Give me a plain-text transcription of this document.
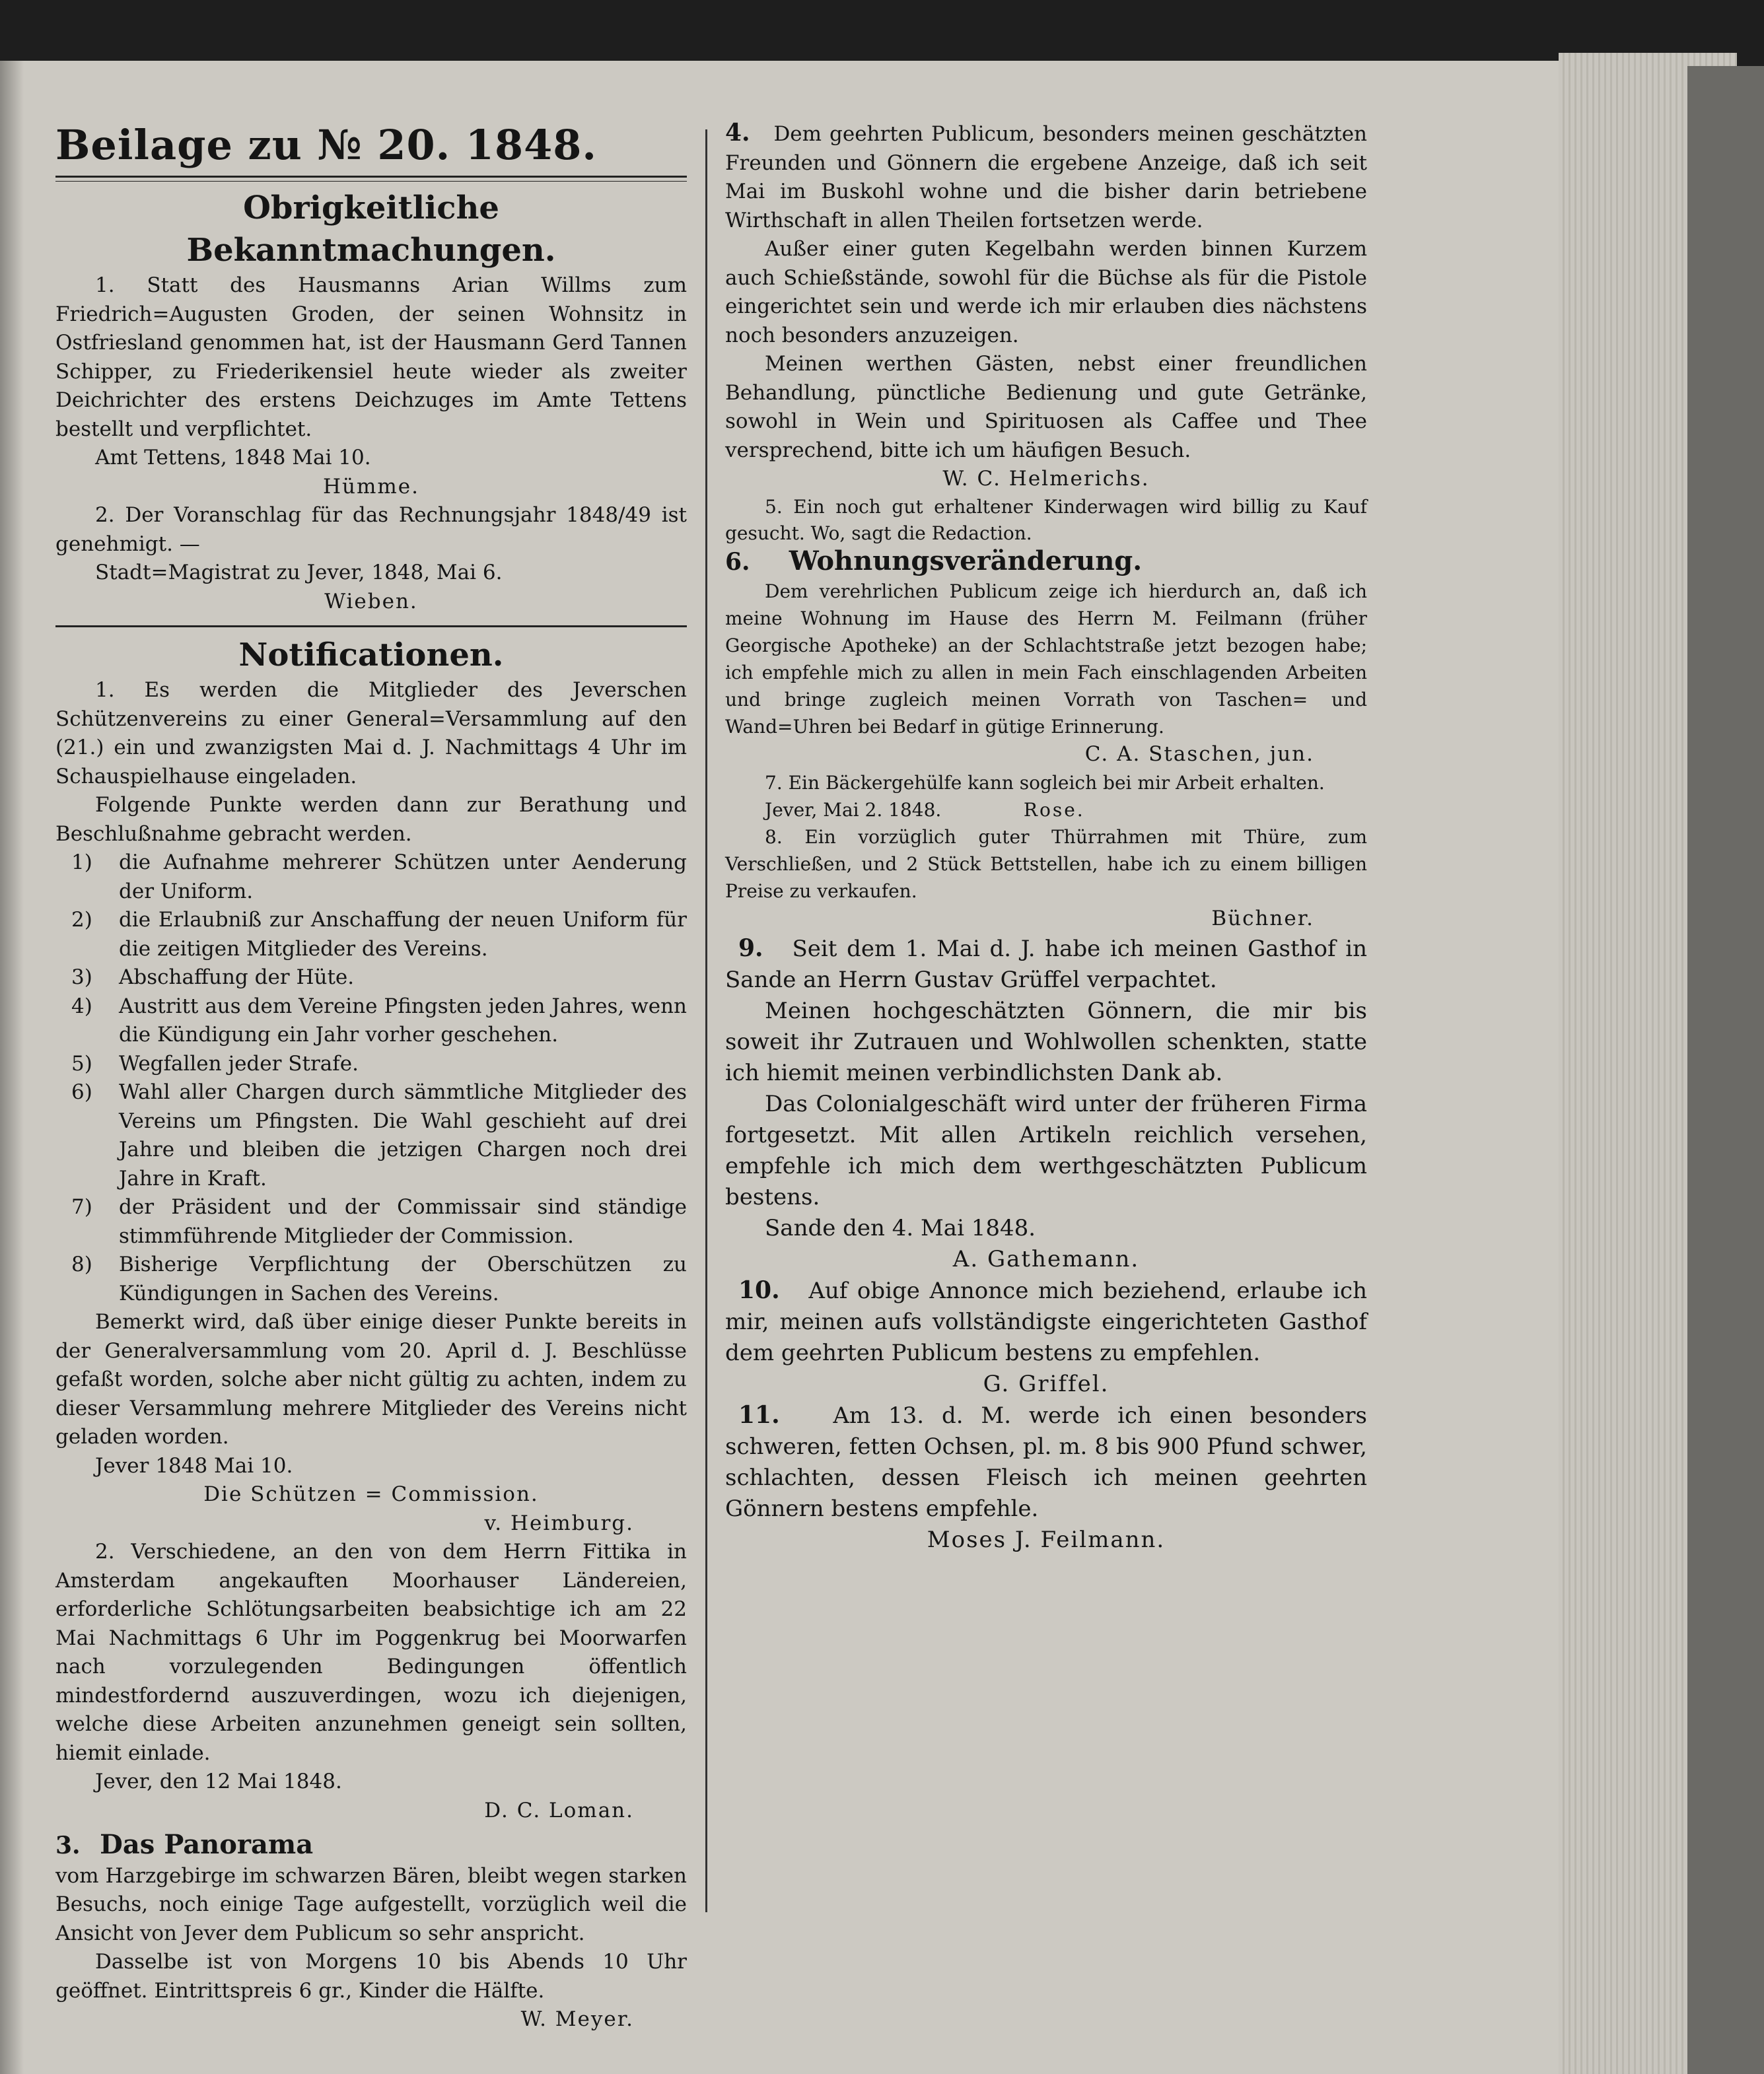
Beilage zu № 20. 1848.

Obrigkeitliche Bekanntmachungen.

1. Statt des Hausmanns Arian Willms zum Friedrich=Augusten Groden, der seinen Wohnsitz in Ostfriesland genommen hat, ist der Hausmann Gerd Tannen Schipper, zu Friederikensiel heute wieder als zweiter Deichrichter des erstens Deichzuges im Amte Tettens bestellt und verpflichtet.

Amt Tettens, 1848 Mai 10.

Hümme.

2. Der Voranschlag für das Rechnungsjahr 1848/49 ist genehmigt. —

Stadt=Magistrat zu Jever, 1848, Mai 6.

Wieben.

Notificationen.

1. Es werden die Mitglieder des Jeverschen Schützenvereins zu einer General=Versammlung auf den (21.) ein und zwanzigsten Mai d. J. Nachmittags 4 Uhr im Schauspielhause eingeladen.

Folgende Punkte werden dann zur Berathung und Beschlußnahme gebracht werden.

1)	die Aufnahme mehrerer Schützen unter Aenderung der Uniform.
2)	die Erlaubniß zur Anschaffung der neuen Uniform für die zeitigen Mitglieder des Vereins.
3)	Abschaffung der Hüte.
4)	Austritt aus dem Vereine Pfingsten jeden Jahres, wenn die Kündigung ein Jahr vorher geschehen.
5)	Wegfallen jeder Strafe.
6)	Wahl aller Chargen durch sämmtliche Mitglieder des Vereins um Pfingsten. Die Wahl geschieht auf drei Jahre und bleiben die jetzigen Chargen noch drei Jahre in Kraft.
7)	der Präsident und der Commissair sind ständige stimmführende Mitglieder der Commission.
8)	Bisherige Verpflichtung der Oberschützen zu Kündigungen in Sachen des Vereins.

Bemerkt wird, daß über einige dieser Punkte bereits in der Generalversammlung vom 20. April d. J. Beschlüsse gefaßt worden, solche aber nicht gültig zu achten, indem zu dieser Versammlung mehrere Mitglieder des Vereins nicht geladen worden.

Jever 1848 Mai 10.

Die Schützen = Commission.

v. Heimburg.

2. Verschiedene, an den von dem Herrn Fittika in Amsterdam angekauften Moorhauser Ländereien, erforderliche Schlötungsarbeiten beabsichtige ich am 22 Mai Nachmittags 6 Uhr im Poggenkrug bei Moorwarfen nach vorzulegenden Bedingungen öffentlich mindestfordernd auszuverdingen, wozu ich diejenigen, welche diese Arbeiten anzunehmen geneigt sein sollten, hiemit einlade.

Jever, den 12 Mai 1848.

D. C. Loman.

3. Das Panorama

vom Harzgebirge im schwarzen Bären, bleibt wegen starken Besuchs, noch einige Tage aufgestellt, vorzüglich weil die Ansicht von Jever dem Publicum so sehr anspricht.

Dasselbe ist von Morgens 10 bis Abends 10 Uhr geöffnet. Eintrittspreis 6 gr., Kinder die Hälfte.

W. Meyer.

4. Dem geehrten Publicum, besonders meinen geschätzten Freunden und Gönnern die ergebene Anzeige, daß ich seit Mai im Buskohl wohne und die bisher darin betriebene Wirthschaft in allen Theilen fortsetzen werde.

Außer einer guten Kegelbahn werden binnen Kurzem auch Schießstände, sowohl für die Büchse als für die Pistole eingerichtet sein und werde ich mir erlauben dies nächstens noch besonders anzuzeigen.

Meinen werthen Gästen, nebst einer freundlichen Behandlung, pünctliche Bedienung und gute Getränke, sowohl in Wein und Spirituosen als Caffee und Thee versprechend, bitte ich um häufigen Besuch.

W. C. Helmerichs.

5. Ein noch gut erhaltener Kinderwagen wird billig zu Kauf gesucht. Wo, sagt die Redaction.

6. Wohnungsveränderung.

Dem verehrlichen Publicum zeige ich hierdurch an, daß ich meine Wohnung im Hause des Herrn M. Feilmann (früher Georgische Apotheke) an der Schlachtstraße jetzt bezogen habe; ich empfehle mich zu allen in mein Fach einschlagenden Arbeiten und bringe zugleich meinen Vorrath von Taschen= und Wand=Uhren bei Bedarf in gütige Erinnerung.

C. A. Staschen, jun.

7. Ein Bäckergehülfe kann sogleich bei mir Arbeit erhalten.

Jever, Mai 2. 1848.	Rose.

8. Ein vorzüglich guter Thürrahmen mit Thüre, zum Verschließen, und 2 Stück Bettstellen, habe ich zu einem billigen Preise zu verkaufen.

Büchner.

9. Seit dem 1. Mai d. J. habe ich meinen Gasthof in Sande an Herrn Gustav Grüffel verpachtet.

Meinen hochgeschätzten Gönnern, die mir bis soweit ihr Zutrauen und Wohlwollen schenkten, statte ich hiemit meinen verbindlichsten Dank ab.

Das Colonialgeschäft wird unter der früheren Firma fortgesetzt. Mit allen Artikeln reichlich versehen, empfehle ich mich dem werthgeschätzten Publicum bestens.

Sande den 4. Mai 1848.

A. Gathemann.

10. Auf obige Annonce mich beziehend, erlaube ich mir, meinen aufs vollständigste eingerichteten Gasthof dem geehrten Publicum bestens zu empfehlen.

G. Griffel.

11. Am 13. d. M. werde ich einen besonders schweren, fetten Ochsen, pl. m. 8 bis 900 Pfund schwer, schlachten, dessen Fleisch ich meinen geehrten Gönnern bestens empfehle.

Moses J. Feilmann.
